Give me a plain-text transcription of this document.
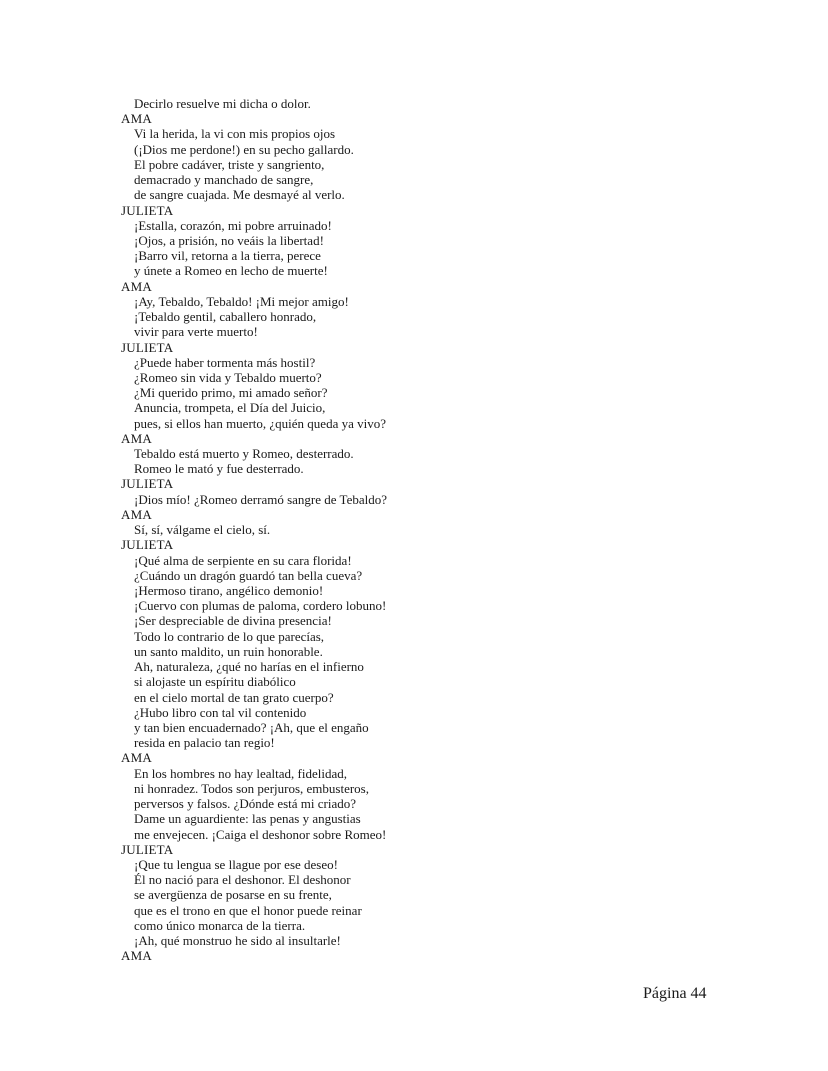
Decirlo resuelve mi dicha o dolor.
AMA
Vi la herida, la vi con mis propios ojos
(¡Dios me perdone!) en su pecho gallardo.
El pobre cadáver, triste y sangriento,
demacrado y manchado de sangre,
de sangre cuajada. Me desmayé al verlo.
JULIETA
¡Estalla, corazón, mi pobre arruinado!
¡Ojos, a prisión, no veáis la libertad!
¡Barro vil, retorna a la tierra, perece
y únete a Romeo en lecho de muerte!
AMA
¡Ay, Tebaldo, Tebaldo! ¡Mi mejor amigo!
¡Tebaldo gentil, caballero honrado,
vivir para verte muerto!
JULIETA
¿Puede haber tormenta más hostil?
¿Romeo sin vida y Tebaldo muerto?
¿Mi querido primo, mi amado señor?
Anuncia, trompeta, el Día del Juicio,
pues, si ellos han muerto, ¿quién queda ya vivo?
AMA
Tebaldo está muerto y Romeo, desterrado.
Romeo le mató y fue desterrado.
JULIETA
¡Dios mío! ¿Romeo derramó sangre de Tebaldo?
AMA
Sí, sí, válgame el cielo, sí.
JULIETA
¡Qué alma de serpiente en su cara florida!
¿Cuándo un dragón guardó tan bella cueva?
¡Hermoso tirano, angélico demonio!
¡Cuervo con plumas de paloma, cordero lobuno!
¡Ser despreciable de divina presencia!
Todo lo contrario de lo que parecías,
un santo maldito, un ruin honorable.
Ah, naturaleza, ¿qué no harías en el infierno
si alojaste un espíritu diabólico
en el cielo mortal de tan grato cuerpo?
¿Hubo libro con tal vil contenido
y tan bien encuadernado? ¡Ah, que el engaño
resida en palacio tan regio!
AMA
En los hombres no hay lealtad, fidelidad,
ni honradez. Todos son perjuros, embusteros,
perversos y falsos. ¿Dónde está mi criado?
Dame un aguardiente: las penas y angustias
me envejecen. ¡Caiga el deshonor sobre Romeo!
JULIETA
¡Que tu lengua se llague por ese deseo!
Él no nació para el deshonor. El deshonor
se avergüenza de posarse en su frente,
que es el trono en que el honor puede reinar
como único monarca de la tierra.
¡Ah, qué monstruo he sido al insultarle!
AMA
Página 44
